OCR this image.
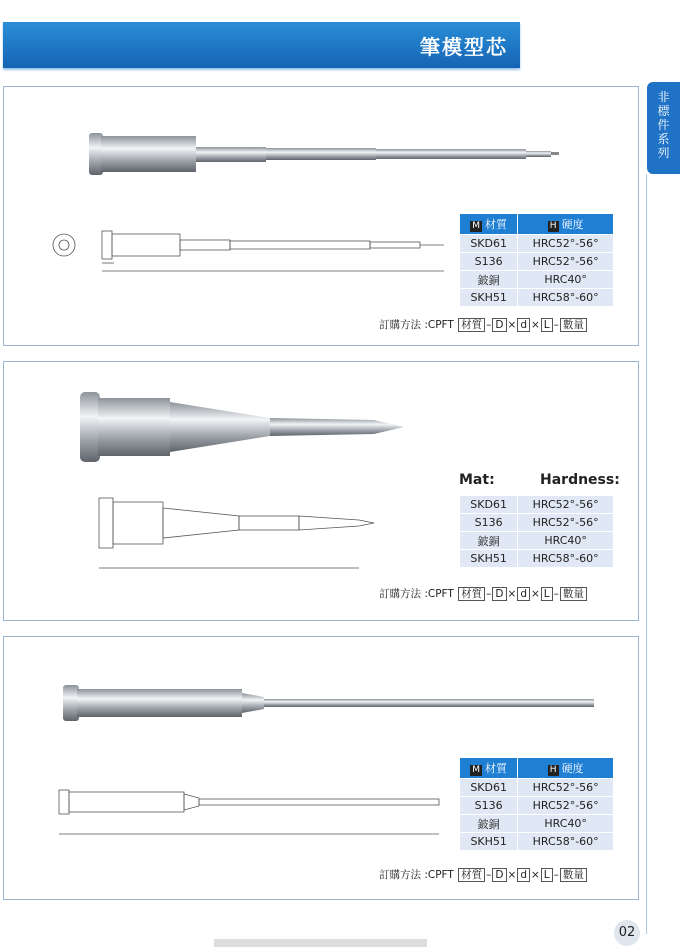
筆模型芯
非標件系列
M 材質	H 硬度
SKD61	HRC52°-56°
S136	HRC52°-56°
鈹銅	HRC40°
SKH51	HRC58°-60°
訂購方法 :CPFT 材質 – D × d × L – 數量
Mat:	Hardness:
SKD61	HRC52°-56°
S136	HRC52°-56°
鈹銅	HRC40°
SKH51	HRC58°-60°
訂購方法 :CPFT 材質 – D × d × L – 數量
M 材質	H 硬度
SKD61	HRC52°-56°
S136	HRC52°-56°
鈹銅	HRC40°
SKH51	HRC58°-60°
訂購方法 :CPFT 材質 – D × d × L – 數量
02
